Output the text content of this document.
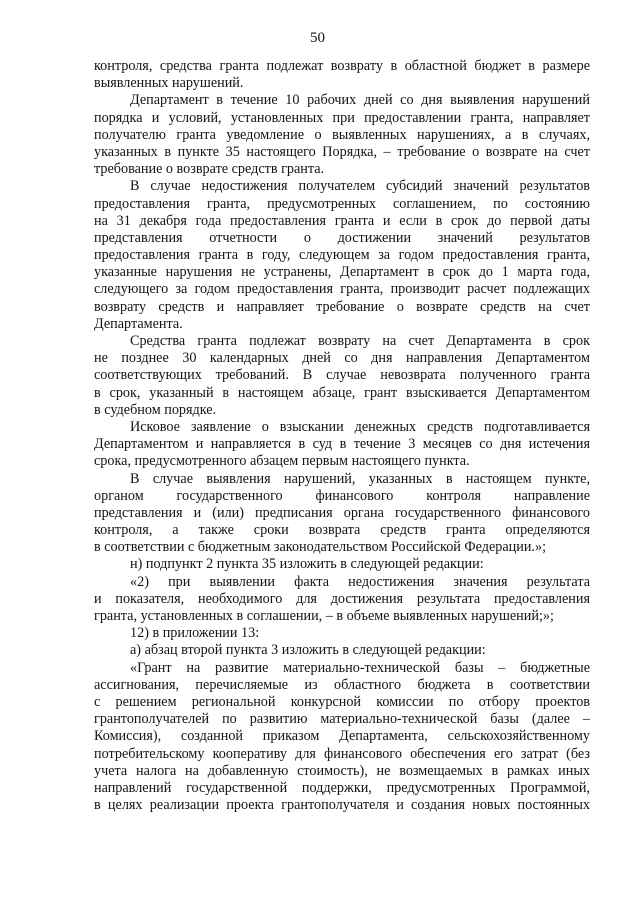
50
контроля, средства гранта подлежат возврату в областной бюджет в размере
выявленных нарушений.
Департамент в течение 10 рабочих дней со дня выявления нарушений
порядка и условий, установленных при предоставлении гранта, направляет
получателю гранта уведомление о выявленных нарушениях, а в случаях,
указанных в пункте 35 настоящего Порядка, – требование о возврате на счет
требование о возврате средств гранта.
В случае недостижения получателем субсидий значений результатов
предоставления гранта, предусмотренных соглашением, по состоянию
на 31 декабря года предоставления гранта и если в срок до первой даты
представления отчетности о достижении значений результатов
предоставления гранта в году, следующем за годом предоставления гранта,
указанные нарушения не устранены, Департамент в срок до 1 марта года,
следующего за годом предоставления гранта, производит расчет подлежащих
возврату средств и направляет требование о возврате средств на счет
Департамента.
Средства гранта подлежат возврату на счет Департамента в срок
не позднее 30 календарных дней со дня направления Департаментом
соответствующих требований. В случае невозврата полученного гранта
в срок, указанный в настоящем абзаце, грант взыскивается Департаментом
в судебном порядке.
Исковое заявление о взыскании денежных средств подготавливается
Департаментом и направляется в суд в течение 3 месяцев со дня истечения
срока, предусмотренного абзацем первым настоящего пункта.
В случае выявления нарушений, указанных в настоящем пункте,
органом государственного финансового контроля направление
представления и (или) предписания органа государственного финансового
контроля, а также сроки возврата средств гранта определяются
в соответствии с бюджетным законодательством Российской Федерации.»;
н) подпункт 2 пункта 35 изложить в следующей редакции:
«2) при выявлении факта недостижения значения результата
и показателя, необходимого для достижения результата предоставления
гранта, установленных в соглашении, – в объеме выявленных нарушений;»;
12) в приложении 13:
а) абзац второй пункта 3 изложить в следующей редакции:
«Грант на развитие материально-технической базы – бюджетные
ассигнования, перечисляемые из областного бюджета в соответствии
с решением региональной конкурсной комиссии по отбору проектов
грантополучателей по развитию материально-технической базы (далее –
Комиссия), созданной приказом Департамента, сельскохозяйственному
потребительскому кооперативу для финансового обеспечения его затрат (без
учета налога на добавленную стоимость), не возмещаемых в рамках иных
направлений государственной поддержки, предусмотренных Программой,
в целях реализации проекта грантополучателя и создания новых постоянных
